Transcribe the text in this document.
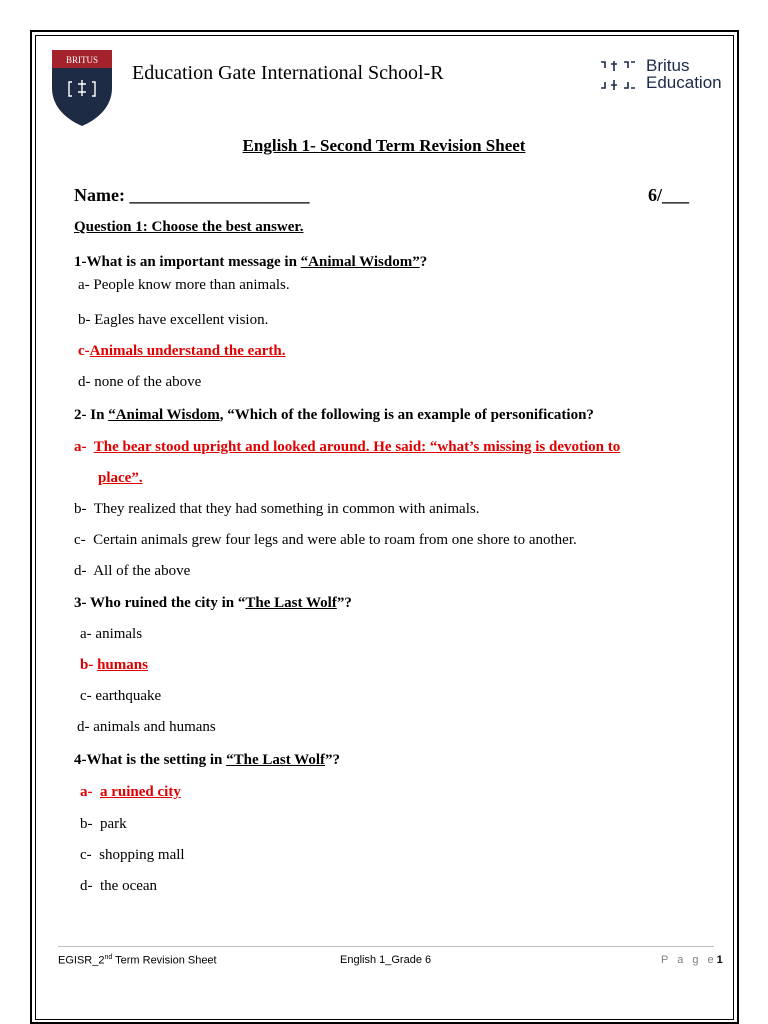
BRITUS
Education Gate International School-R	Britus
Education
English 1- Second Term Revision Sheet
Name: ____________________	6/___
Question 1: Choose the best answer.
1-What is an important message in “Animal Wisdom”?
a- People know more than animals.
b- Eagles have excellent vision.
c-Animals understand the earth.
d- none of the above
2- In “Animal Wisdom, “Which of the following is an example of personification?
a- The bear stood upright and looked around. He said: “what’s missing is devotion to
place”.
b- They realized that they had something in common with animals.
c- Certain animals grew four legs and were able to roam from one shore to another.
d- All of the above
3- Who ruined the city in “The Last Wolf”?
a- animals
b- humans
c- earthquake
d- animals and humans
4-What is the setting in “The Last Wolf”?
a- a ruined city
b- park
c- shopping mall
d- the ocean
EGISR_2nd Term Revision Sheet	English 1_Grade 6	P a g e1
